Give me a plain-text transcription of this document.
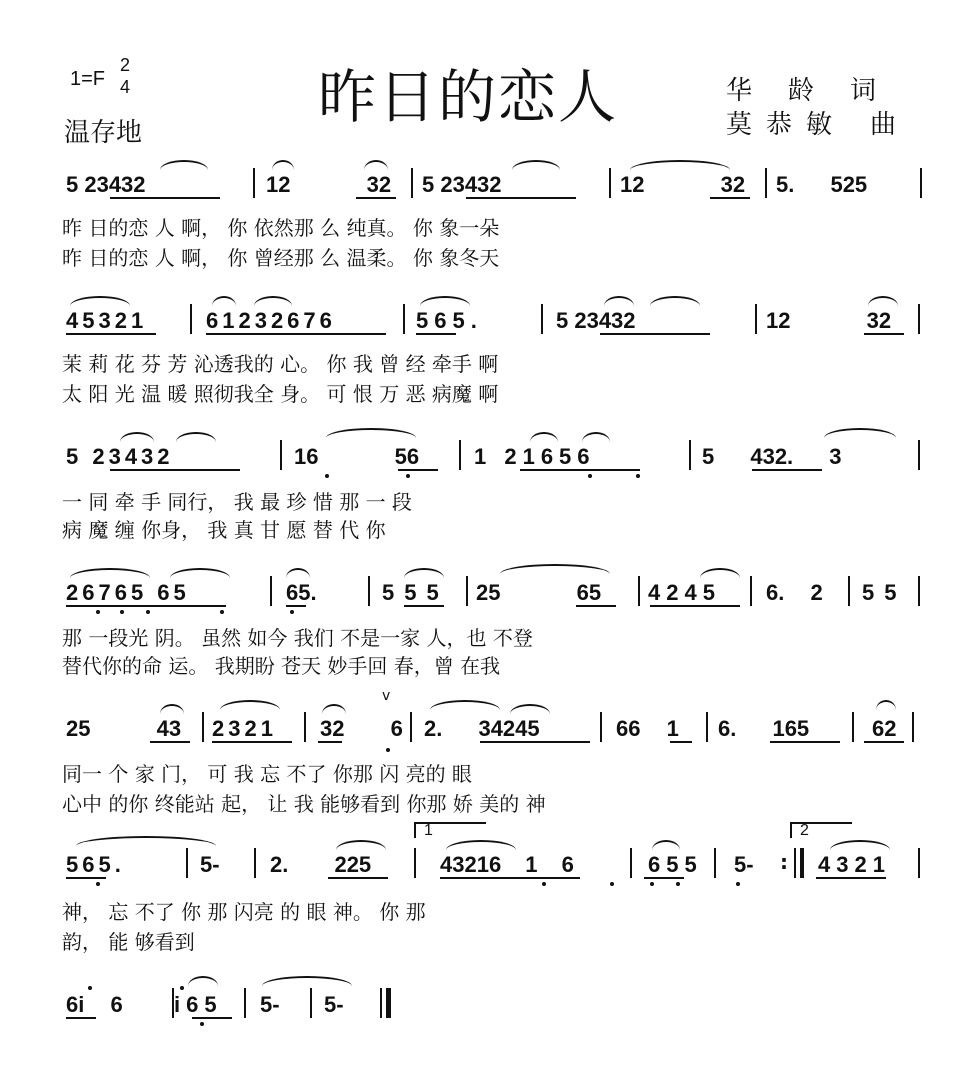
1=F
2
4
温存地
昨日的恋人	华 龄 词
莫 恭 敏 曲
5 23432	12 32 5 23432	12 32 5. 525
昨 日的恋 人 啊， 你 依然那 么 纯真。 你 象一朵
昨 日的恋 人 啊， 你 曾经那 么 温柔。 你 象冬天
45321	61232676	565.	5 23432	12 32
茉 莉 花 芬 芳 沁透我的 心。 你 我 曾 经 牵手 啊
太 阳 光 温 暖 照彻我全 身。 可 恨 万 恶 病魔 啊
5 23432	16 56 1 21656	5 432. 3
一 同 牵 手 同行， 我 最 珍 惜 那 一 段
病 魔 缠 你身， 我 真 甘 愿 替 代 你
26765 65	65.	555 25 65 4245 6. 2 55
那 一段光 阴。 虽然 如今 我们 不是一家 人，也 不登
替代你的命 运。 我期盼 苍天 妙手回 春，曾 在我
v
25 43 2321 32 6 2. 34245	66 1 6. 165	62
同一 个 家 门， 可 我 忘 不了 你那 闪 亮的 眼
心中 的你 终能站 起， 让 我 能够看到 你那 娇 美的 神
1	2
565.	5- 2. 225	43216 1 6	655 5-	4321
:
神， 忘 不了 你 那 闪亮 的 眼 神。 你 那
韵， 能 够看到
6i 6 i65 5- 5-
